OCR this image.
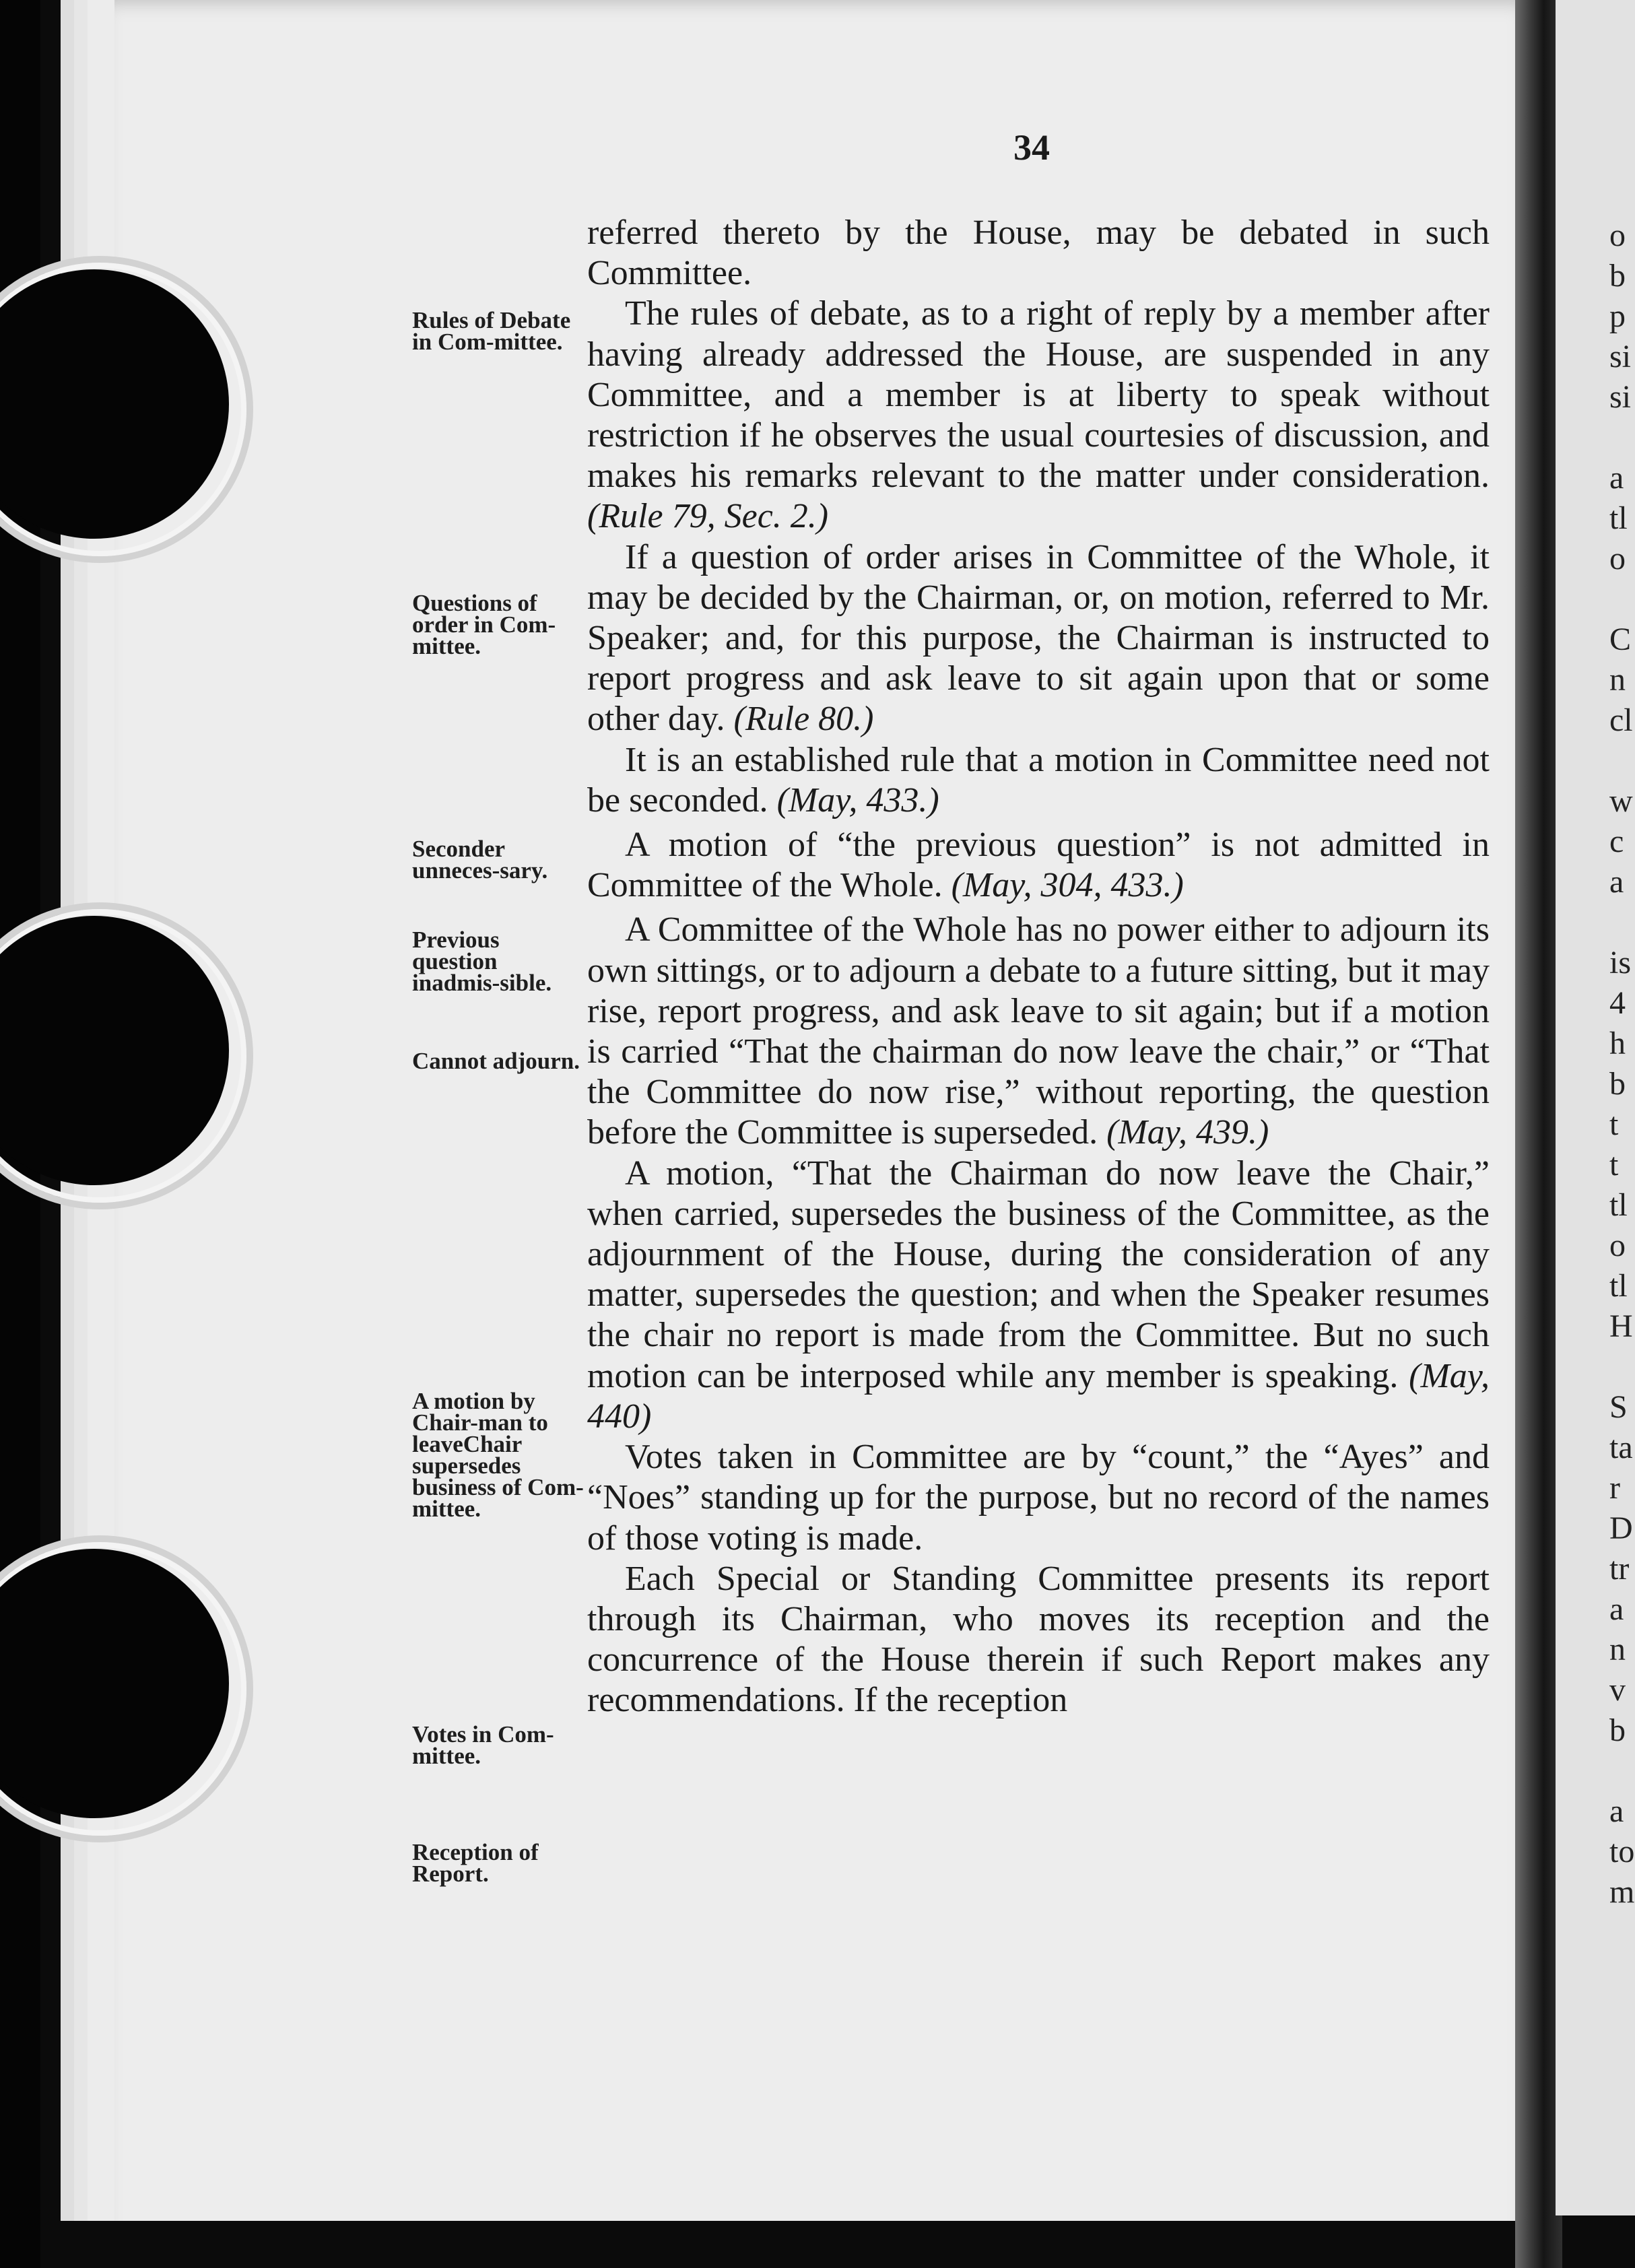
o
b
p
si
si

a
tl
o

C
n
cl

w
c
a

is
4
h
b
t
t
tl
o
tl
H

S
ta
r
D
tr
a
n
v
b

a
to
m
34
Rules of Debate in Com-mittee.
Questions of order in Com-mittee.
Seconder unneces-sary.
Previous question inadmis-sible.
Cannot adjourn.
A motion by Chair-man to leaveChair supersedes business of Com-mittee.
Votes in Com-mittee.
Reception of Report.

referred thereto by the House, may be debated in such Committee.

The rules of debate, as to a right of reply by a member after having already addressed the House, are suspended in any Committee, and a member is at liberty to speak without restriction if he observes the usual courtesies of discussion, and makes his remarks relevant to the matter under consideration. (Rule 79, Sec. 2.)

If a question of order arises in Committee of the Whole, it may be decided by the Chairman, or, on motion, referred to Mr. Speaker; and, for this purpose, the Chairman is instructed to report progress and ask leave to sit again upon that or some other day. (Rule 80.)

It is an established rule that a motion in Committee need not be seconded. (May, 433.)

A motion of “the previous question” is not admitted in Committee of the Whole. (May, 304, 433.)

A Committee of the Whole has no power either to adjourn its own sittings, or to adjourn a debate to a future sitting, but it may rise, report progress, and ask leave to sit again; but if a motion is carried “That the chairman do now leave the chair,” or “That the Committee do now rise,” without reporting, the question before the Committee is superseded. (May, 439.)

A motion, “That the Chairman do now leave the Chair,” when carried, supersedes the business of the Committee, as the adjournment of the House, during the consideration of any matter, supersedes the question; and when the Speaker resumes the chair no report is made from the Committee. But no such motion can be interposed while any member is speaking. (May, 440)

Votes taken in Committee are by “count,” the “Ayes” and “Noes” standing up for the purpose, but no record of the names of those voting is made.

Each Special or Standing Committee presents its report through its Chairman, who moves its reception and the concurrence of the House therein if such Report makes any recommendations. If the reception
